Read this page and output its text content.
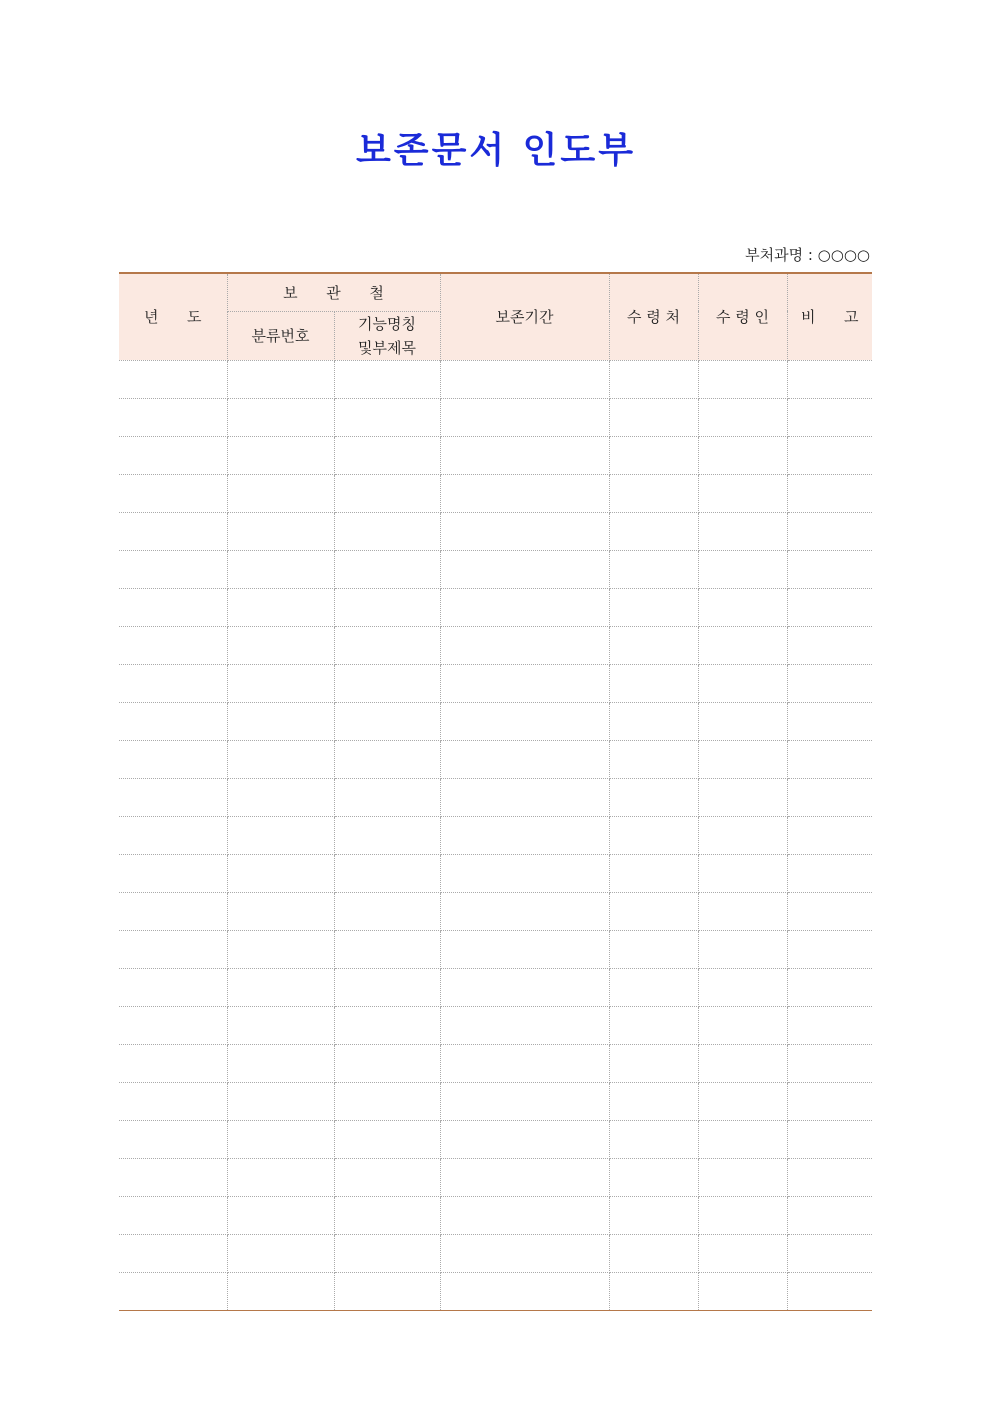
보존문서 인도부
부처과명 : ○○○○
년      도	보      관      철		보존기간	수 령 처	수 령 인	비      고
	분류번호	기능명칭
및부제목				
